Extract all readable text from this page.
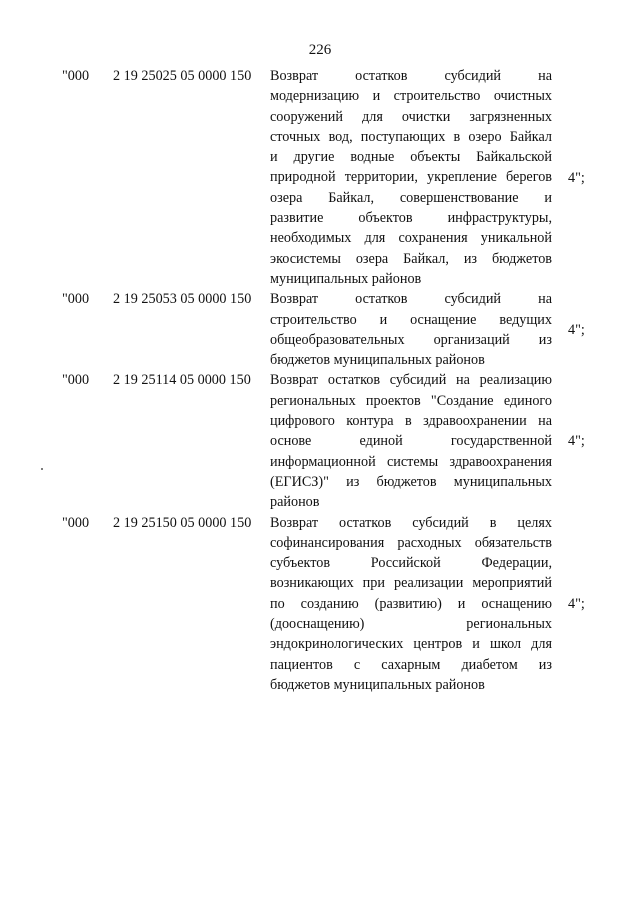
226
"000	2 19 25025 05 0000 150	Возврат остатков субсидий на
модернизацию и строительство очистных
сооружений для очистки загрязненных
сточных вод, поступающих в озеро Байкал
и другие водные объекты Байкальской
природной территории, укрепление берегов
озера Байкал, совершенствование и
развитие объектов инфраструктуры,
необходимых для сохранения уникальной
экосистемы озера Байкал, из бюджетов
муниципальных районов
4";
"000	2 19 25053 05 0000 150	Возврат остатков субсидий на
строительство и оснащение ведущих
общеобразовательных организаций из
бюджетов муниципальных районов
4";
"000	2 19 25114 05 0000 150	Возврат остатков субсидий на реализацию
региональных проектов "Создание единого
цифрового контура в здравоохранении на
основе единой государственной
информационной системы здравоохранения
(ЕГИСЗ)" из бюджетов муниципальных
районов
4";
"000	2 19 25150 05 0000 150	Возврат остатков субсидий в целях
софинансирования расходных обязательств
субъектов Российской Федерации,
возникающих при реализации мероприятий
по созданию (развитию) и оснащению
(дооснащению) региональных
эндокринологических центров и школ для
пациентов с сахарным диабетом из
бюджетов муниципальных районов
4";
